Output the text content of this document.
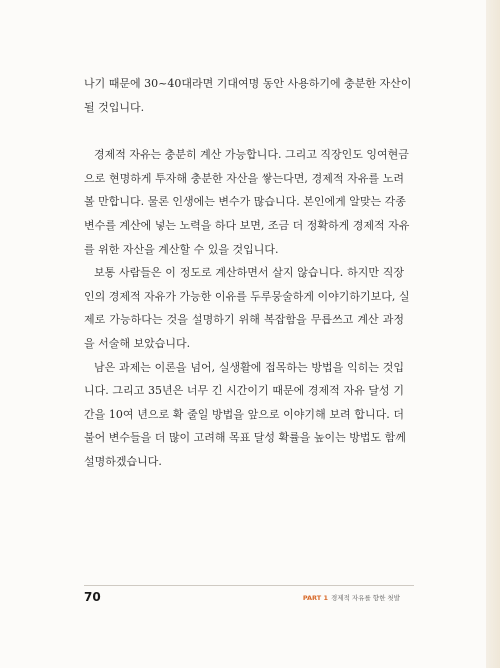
나기 때문에 30~40대라면 기대여명 동안 사용하기에 충분한 자산이
될 것입니다.

경제적 자유는 충분히 계산 가능합니다. 그리고 직장인도 잉여현금
으로 현명하게 투자해 충분한 자산을 쌓는다면, 경제적 자유를 노려
볼 만합니다. 물론 인생에는 변수가 많습니다. 본인에게 알맞는 각종
변수를 계산에 넣는 노력을 하다 보면, 조금 더 정확하게 경제적 자유
를 위한 자산을 계산할 수 있을 것입니다.

보통 사람들은 이 정도로 계산하면서 살지 않습니다. 하지만 직장
인의 경제적 자유가 가능한 이유를 두루뭉술하게 이야기하기보다, 실
제로 가능하다는 것을 설명하기 위해 복잡함을 무릅쓰고 계산 과정
을 서술해 보았습니다.

남은 과제는 이론을 넘어, 실생활에 접목하는 방법을 익히는 것입
니다. 그리고 35년은 너무 긴 시간이기 때문에 경제적 자유 달성 기
간을 10여 년으로 확 줄일 방법을 앞으로 이야기해 보려 합니다. 더
불어 변수들을 더 많이 고려해 목표 달성 확률을 높이는 방법도 함께
설명하겠습니다.

70	PART 1 경제적 자유를 향한 첫발
